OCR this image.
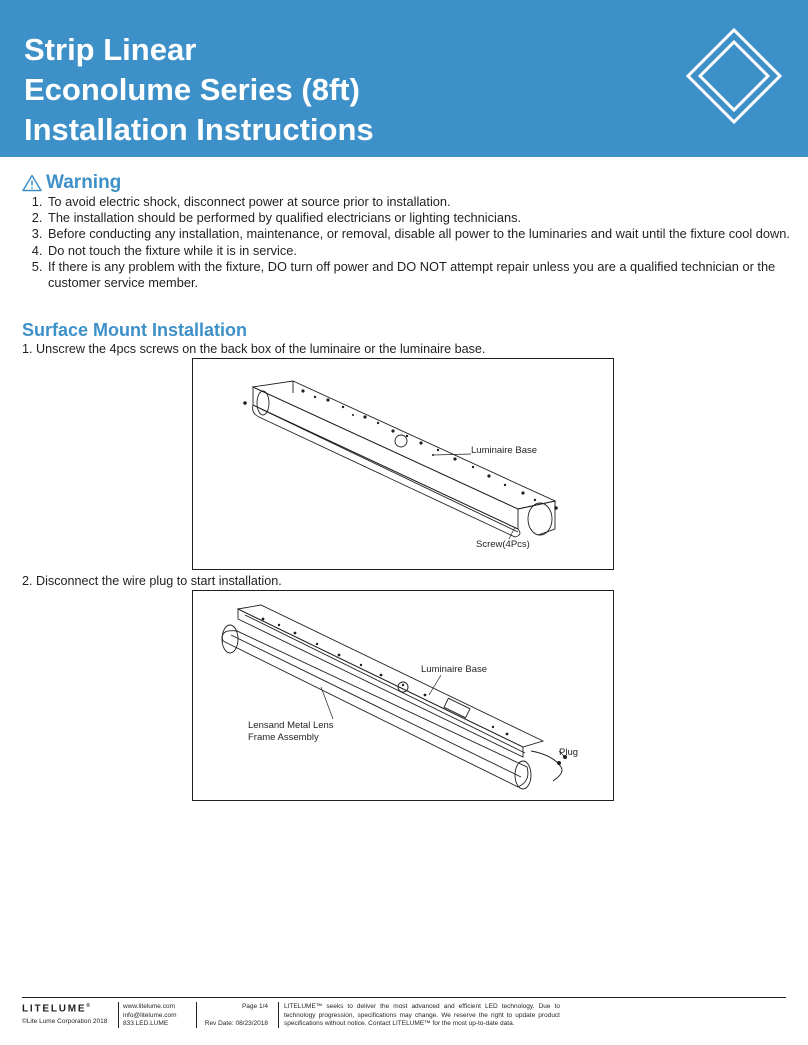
Strip Linear
Econolume Series (8ft)
Installation Instructions
Warning
1. To avoid electric shock, disconnect power at source prior to installation.
2. The installation should be performed by qualified electricians or lighting technicians.
3. Before conducting any installation, maintenance, or removal, disable all power to the luminaries and wait until the fixture cool down.
4. Do not touch the fixture while it is in service.
5. If there is any problem with the fixture, DO turn off power and DO NOT attempt repair unless you are a qualified technician or the customer service member.
Surface Mount Installation
1. Unscrew the 4pcs screws on the back box of the luminaire or the luminaire base.
Luminaire Base
Screw(4Pcs)
2. Disconnect the wire plug to start installation.
Luminaire Base
Lensand Metal Lens
Frame Assembly
Plug
LITELUME®
©Lite Lume Corporation 2018
www.litelume.com
info@litelume.com
833.LED.LUME
Page 1/4

Rev Date: 08/23/2018
LITELUME™ seeks to deliver the most advanced and efficient LED technology. Due to technology progression, specifications may change. We reserve the right to update product specifications without notice. Contact LITELUME™ for the most up-to-date data.
